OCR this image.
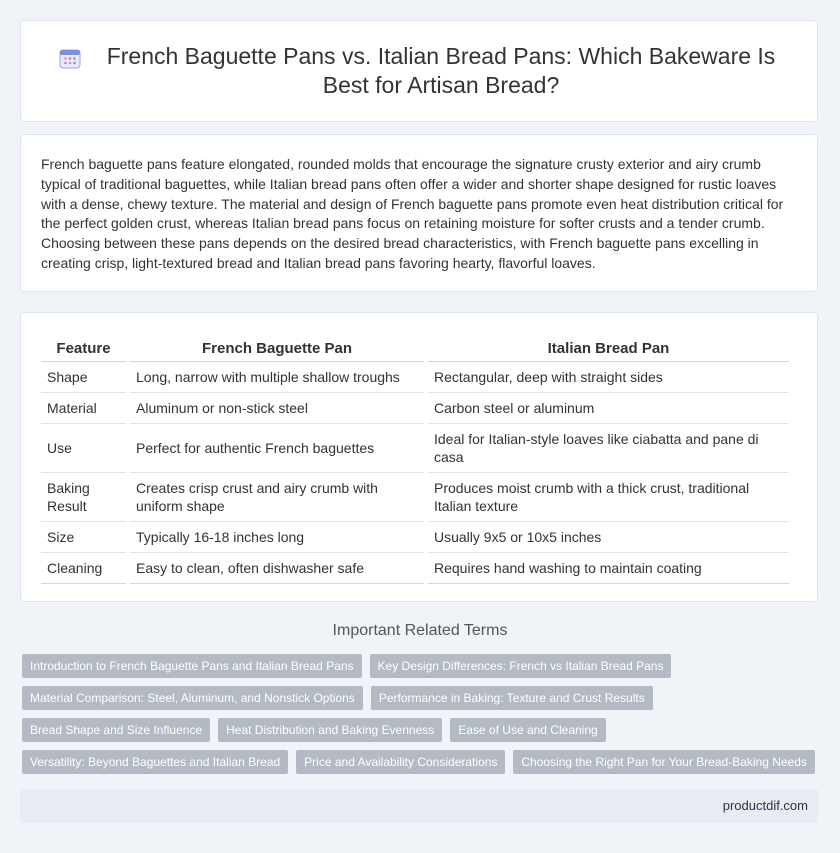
French Baguette Pans vs. Italian Bread Pans: Which Bakeware Is Best for Artisan Bread?

French baguette pans feature elongated, rounded molds that encourage the signature crusty exterior and airy crumb typical of traditional baguettes, while Italian bread pans often offer a wider and shorter shape designed for rustic loaves with a dense, chewy texture. The material and design of French baguette pans promote even heat distribution critical for the perfect golden crust, whereas Italian bread pans focus on retaining moisture for softer crusts and a tender crumb. Choosing between these pans depends on the desired bread characteristics, with French baguette pans excelling in creating crisp, light-textured bread and Italian bread pans favoring hearty, flavorful loaves.

Feature	French Baguette Pan	Italian Bread Pan
Shape	Long, narrow with multiple shallow troughs	Rectangular, deep with straight sides
Material	Aluminum or non-stick steel	Carbon steel or aluminum
Use	Perfect for authentic French baguettes	Ideal for Italian-style loaves like ciabatta and pane di casa
Baking Result	Creates crisp crust and airy crumb with uniform shape	Produces moist crumb with a thick crust, traditional Italian texture
Size	Typically 16-18 inches long	Usually 9x5 or 10x5 inches
Cleaning	Easy to clean, often dishwasher safe	Requires hand washing to maintain coating
Important Related Terms
Introduction to French Baguette Pans and Italian Bread Pans	Key Design Differences: French vs Italian Bread Pans
Material Comparison: Steel, Aluminum, and Nonstick Options	Performance in Baking: Texture and Crust Results
Bread Shape and Size Influence	Heat Distribution and Baking Evenness	Ease of Use and Cleaning
Versatility: Beyond Baguettes and Italian Bread	Price and Availability Considerations	Choosing the Right Pan for Your Bread-Baking Needs
productdif.com
